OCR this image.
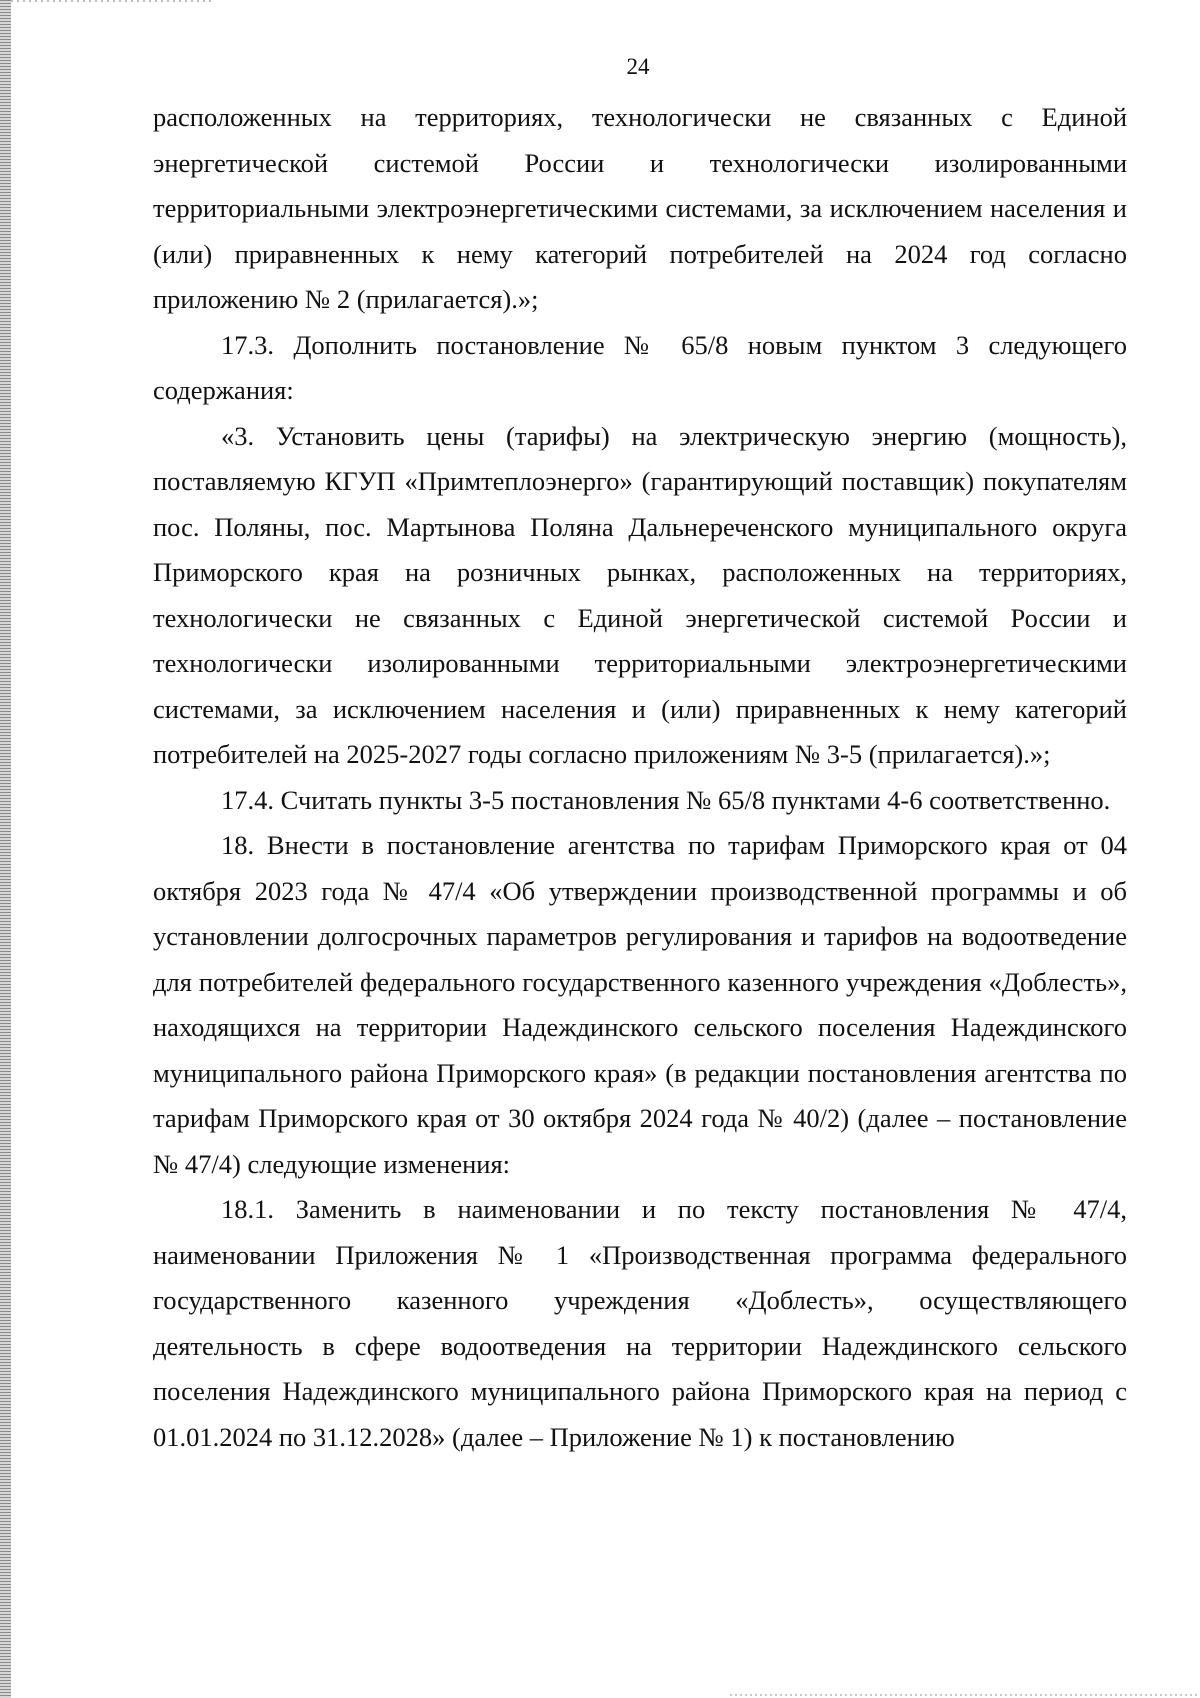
24

расположенных на территориях, технологически не связанных с Единой энергетической системой России и технологически изолированными территориальными электроэнергетическими системами, за исключением населения и (или) приравненных к нему категорий потребителей на 2024 год согласно приложению № 2 (прилагается).»;

17.3. Дополнить постановление № 65/8 новым пунктом 3 следующего содержания:

«3. Установить цены (тарифы) на электрическую энергию (мощность), поставляемую КГУП «Примтеплоэнерго» (гарантирующий поставщик) покупателям пос. Поляны, пос. Мартынова Поляна Дальнереченского муниципального округа Приморского края на розничных рынках, расположенных на территориях, технологически не связанных с Единой энергетической системой России и технологически изолированными территориальными электроэнергетическими системами, за исключением населения и (или) приравненных к нему категорий потребителей на 2025-2027 годы согласно приложениям № 3-5 (прилагается).»;

17.4. Считать пункты 3-5 постановления № 65/8 пунктами 4-6 соответственно.

18. Внести в постановление агентства по тарифам Приморского края от 04 октября 2023 года № 47/4 «Об утверждении производственной программы и об установлении долгосрочных параметров регулирования и тарифов на водоотведение для потребителей федерального государственного казенного учреждения «Доблесть», находящихся на территории Надеждинского сельского поселения Надеждинского муниципального района Приморского края» (в редакции постановления агентства по тарифам Приморского края от 30 октября 2024 года № 40/2) (далее – постановление № 47/4) следующие изменения:

18.1. Заменить в наименовании и по тексту постановления № 47/4, наименовании Приложения № 1 «Производственная программа федерального государственного казенного учреждения «Доблесть», осуществляющего деятельность в сфере водоотведения на территории Надеждинского сельского поселения Надеждинского муниципального района Приморского края на период с 01.01.2024 по 31.12.2028» (далее – Приложение № 1) к постановлению
